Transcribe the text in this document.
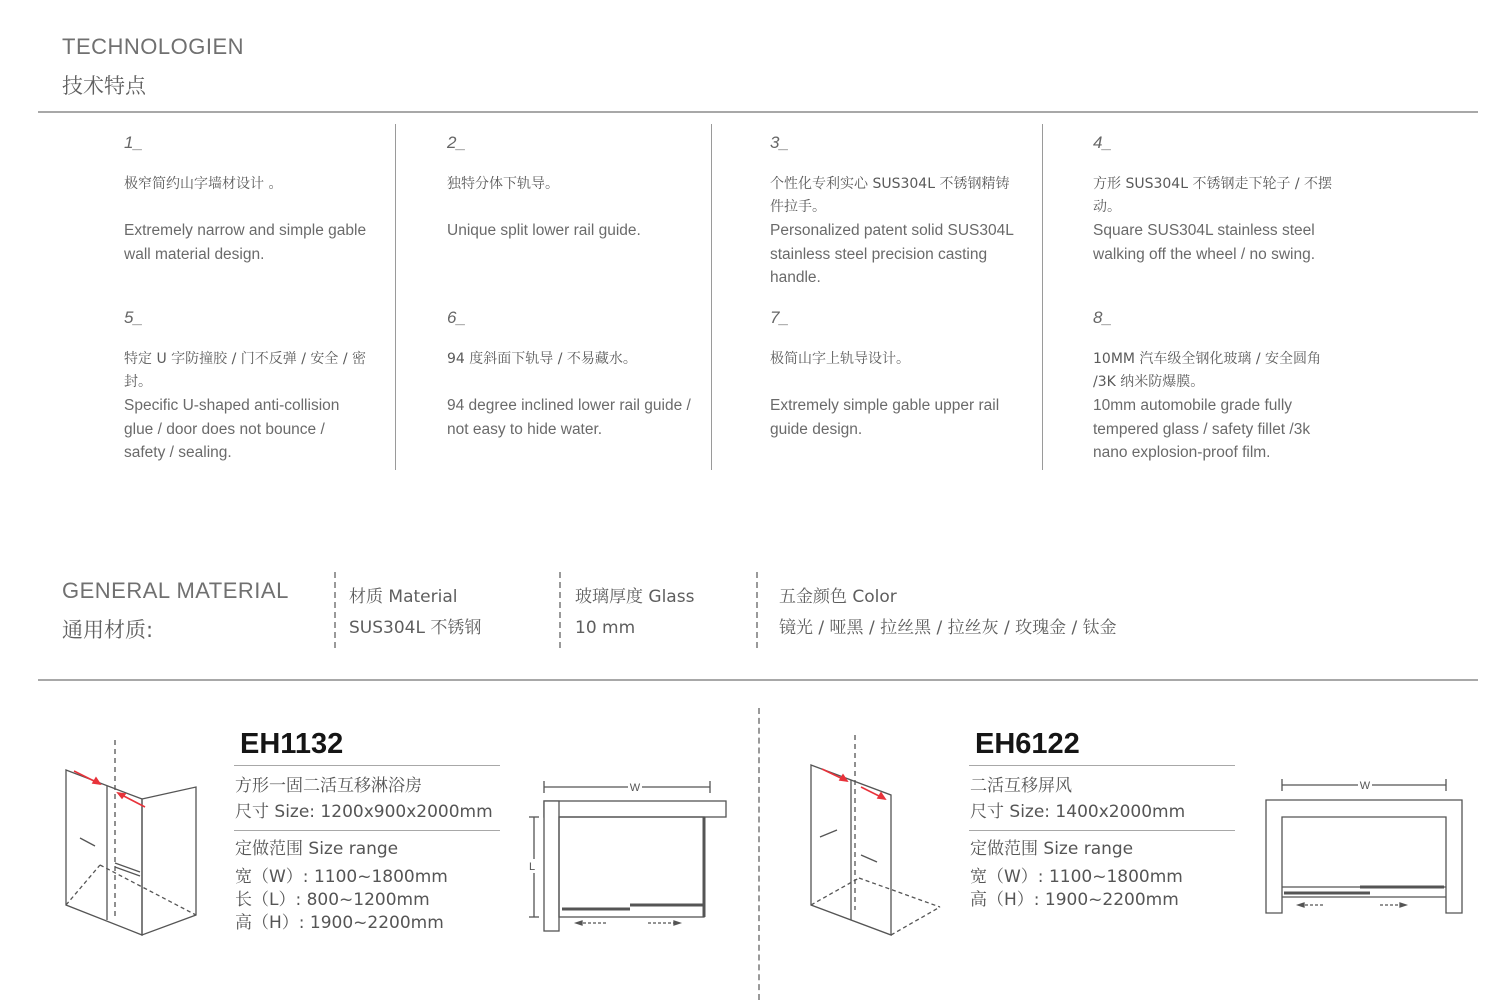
TECHNOLOGIEN
技术特点
1_
极窄简约山字墙材设计 。
Extremely narrow and simple gable wall material design.
2_
独特分体下轨导。
Unique split lower rail guide.
3_
个性化专利实心 SUS304L 不锈钢精铸件拉手。
Personalized patent solid SUS304L stainless steel precision casting handle.
4_
方形 SUS304L 不锈钢走下轮子 / 不摆动。
Square SUS304L stainless steel walking off the wheel / no swing.
5_
特定 U 字防撞胶 / 门不反弹 / 安全 / 密封。
Specific U-shaped anti-collision glue / door does not bounce / safety / sealing.
6_
94 度斜面下轨导 / 不易藏水。
94 degree inclined lower rail guide / not easy to hide water.
7_
极简山字上轨导设计。
Extremely simple gable upper rail guide design.
8_
10MM 汽车级全钢化玻璃 / 安全圆角 /3K 纳米防爆膜。
10mm automobile grade fully tempered glass / safety fillet /3k nano explosion-proof film.
GENERAL MATERIAL
通用材质:
材质 Material
SUS304L 不锈钢
玻璃厚度 Glass
10 mm
五金颜色 Color
镜光 / 哑黑 / 拉丝黑 / 拉丝灰 / 玫瑰金 / 钛金
EH1132
方形一固二活互移淋浴房
尺寸 Size: 1200x900x2000mm
定做范围 Size range
宽（W）: 1100~1800mm
长（L）: 800~1200mm
高（H）: 1900~2200mm
W
L
EH6122
二活互移屏风
尺寸 Size: 1400x2000mm
定做范围 Size range
宽（W）: 1100~1800mm
高（H）: 1900~2200mm
W
